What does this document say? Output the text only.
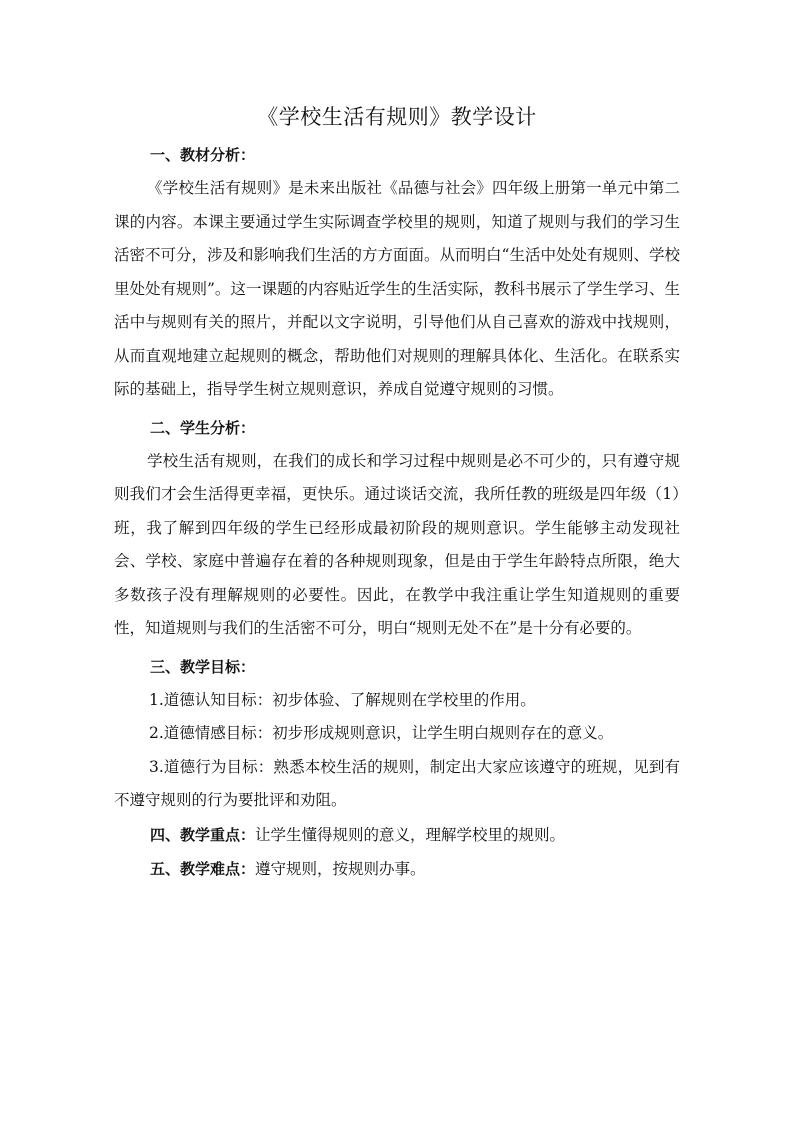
《学校生活有规则》教学设计
一、教材分析：

《学校生活有规则》是未来出版社《品德与社会》四年级上册第一单元中第二课的内容。本课主要通过学生实际调查学校里的规则，知道了规则与我们的学习生活密不可分，涉及和影响我们生活的方方面面。从而明白“生活中处处有规则、学校里处处有规则”。这一课题的内容贴近学生的生活实际，教科书展示了学生学习、生活中与规则有关的照片，并配以文字说明，引导他们从自己喜欢的游戏中找规则，从而直观地建立起规则的概念，帮助他们对规则的理解具体化、生活化。在联系实际的基础上，指导学生树立规则意识，养成自觉遵守规则的习惯。

二、学生分析：

学校生活有规则，在我们的成长和学习过程中规则是必不可少的，只有遵守规则我们才会生活得更幸福，更快乐。通过谈话交流，我所任教的班级是四年级（1）班，我了解到四年级的学生已经形成最初阶段的规则意识。学生能够主动发现社会、学校、家庭中普遍存在着的各种规则现象，但是由于学生年龄特点所限，绝大多数孩子没有理解规则的必要性。因此，在教学中我注重让学生知道规则的重要性，知道规则与我们的生活密不可分，明白“规则无处不在”是十分有必要的。

三、教学目标：

1.道德认知目标：初步体验、了解规则在学校里的作用。

2.道德情感目标：初步形成规则意识，让学生明白规则存在的意义。

3.道德行为目标：熟悉本校生活的规则，制定出大家应该遵守的班规，见到有不遵守规则的行为要批评和劝阻。

四、教学重点：让学生懂得规则的意义，理解学校里的规则。

五、教学难点：遵守规则，按规则办事。
